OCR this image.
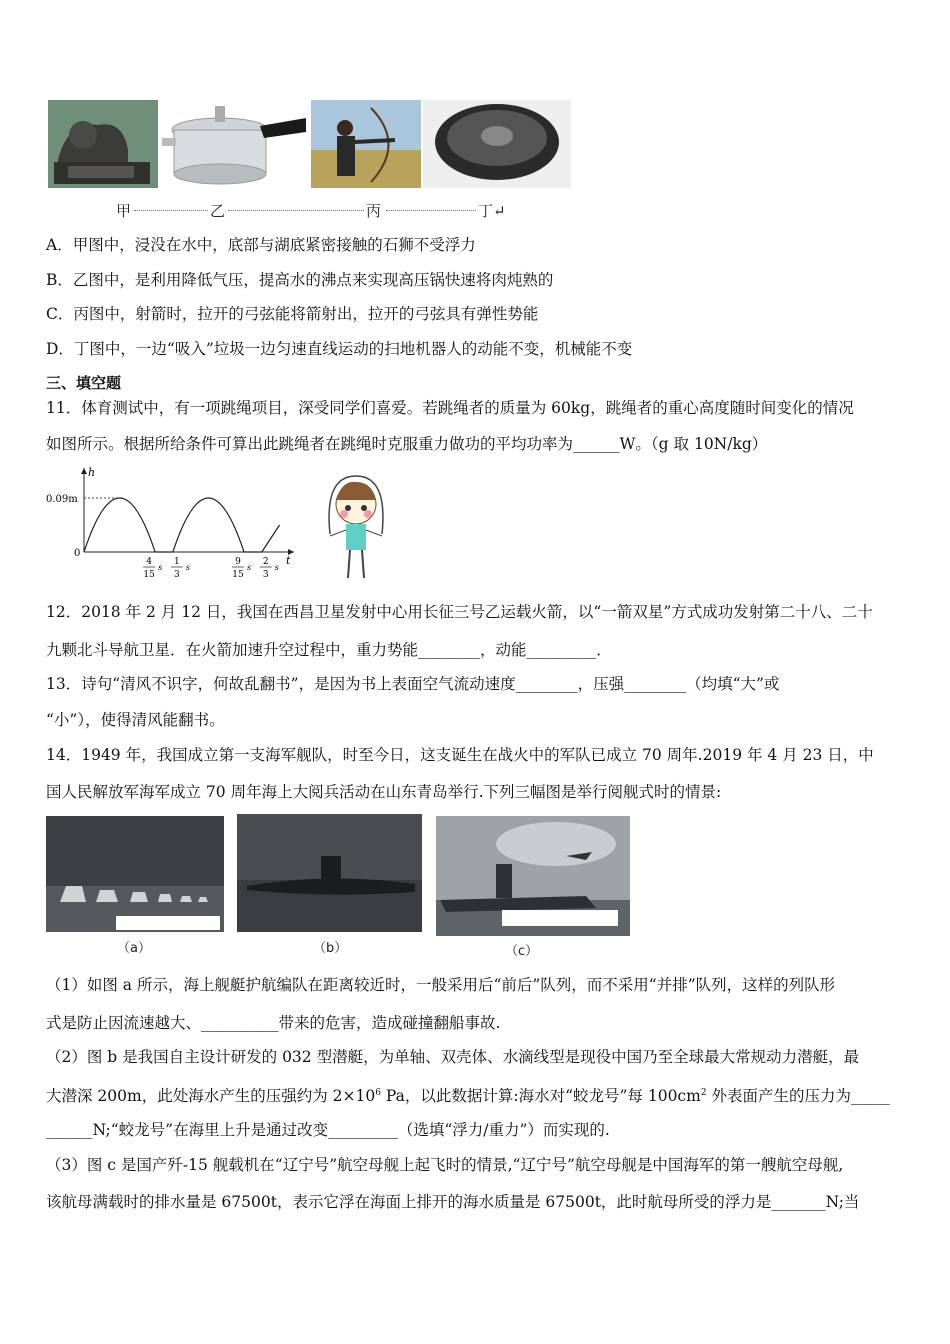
甲	乙	丙	丁↵
A．甲图中，浸没在水中，底部与湖底紧密接触的石狮不受浮力
B．乙图中，是利用降低气压，提高水的沸点来实现高压锅快速将肉炖熟的
C．丙图中，射箭时，拉开的弓弦能将箭射出，拉开的弓弦具有弹性势能
D．丁图中，一边“吸入”垃圾一边匀速直线运动的扫地机器人的动能不变，机械能不变
三、填空题
11．体育测试中，有一项跳绳项目，深受同学们喜爱。若跳绳者的质量为 60kg，跳绳者的重心高度随时间变化的情况
如图所示。根据所给条件可算出此跳绳者在跳绳时克服重力做功的平均功率为______W。（g 取 10N/kg）
h
t
0
0.09m
4
15
s
1
3
s
9
15
s
2
3
s
12．2018 年 2 月 12 日，我国在西昌卫星发射中心用长征三号乙运载火箭，以“一箭双星”方式成功发射第二十八、二十
九颗北斗导航卫星．在火箭加速升空过程中，重力势能________，动能_________．
13．诗句“清风不识字，何故乱翻书”，是因为书上表面空气流动速度________，压强________（均填“大”或
“小”），使得清风能翻书。
14．1949 年，我国成立第一支海军舰队，时至今日，这支诞生在战火中的军队已成立 70 周年.2019 年 4 月 23 日，中
国人民解放军海军成立 70 周年海上大阅兵活动在山东青岛举行.下列三幅图是举行阅舰式时的情景:
（a）	（b）	（c）
（1）如图 a 所示，海上舰艇护航编队在距离较近时，一般采用后“前后”队列，而不采用“并排”队列，这样的列队形
式是防止因流速越大、__________带来的危害，造成碰撞翻船事故.
（2）图 b 是我国自主设计研发的 032 型潜艇，为单轴、双壳体、水滴线型是现役中国乃至全球最大常规动力潜艇，最
大潜深 200m，此处海水产生的压强约为 $2\times 10^6$ Pa，以此数据计算:海水对“蛟龙号”每 $100cm^2$ 外表面产生的压力为_____
______N;“蛟龙号”在海里上升是通过改变_________（选填“浮力/重力”）而实现的.
（3）图 c 是国产歼-15 舰载机在“辽宁号”航空母舰上起飞时的情景,“辽宁号”航空母舰是中国海军的第一艘航空母舰,
该航母满载时的排水量是 67500t，表示它浮在海面上排开的海水质量是 67500t，此时航母所受的浮力是_______N;当
